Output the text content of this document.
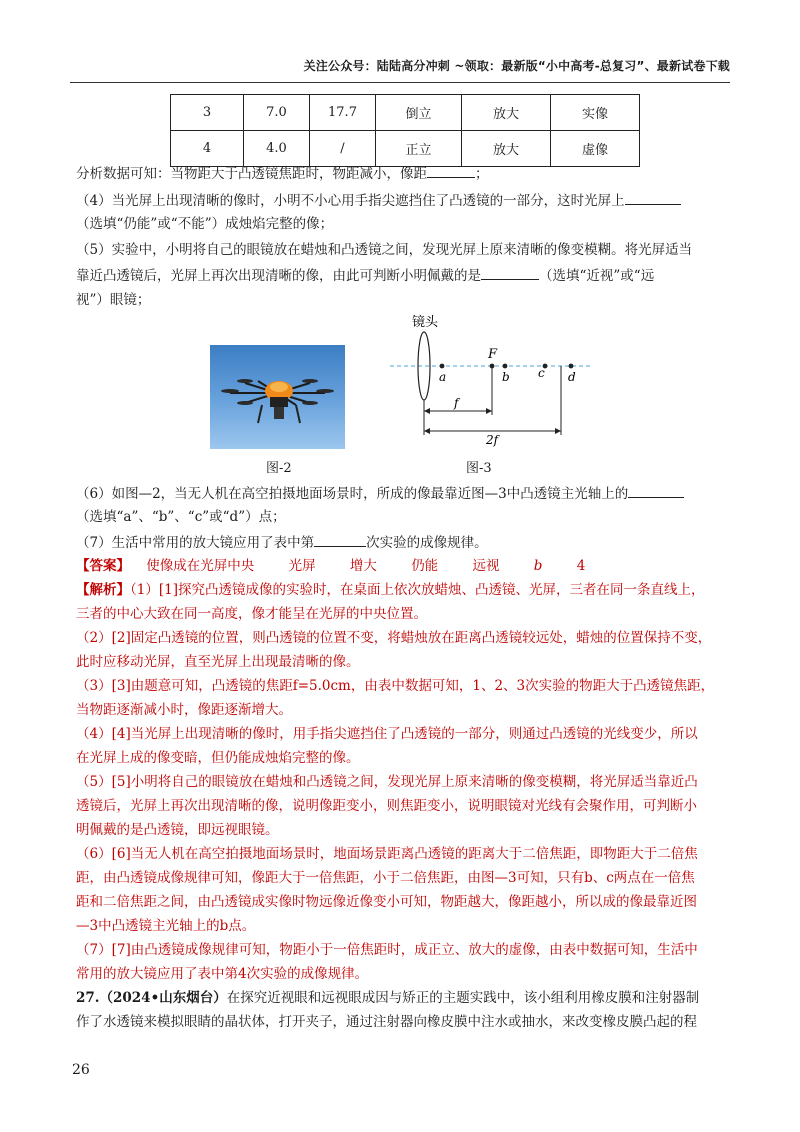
关注公众号：陆陆高分冲刺 ~领取：最新版“小中高考-总复习”、最新试卷下载
3	7.0	17.7	倒立	放大	实像
4	4.0	/	正立	放大	虚像
分析数据可知：当物距大于凸透镜焦距时，物距减小，像距	；
（4）当光屏上出现清晰的像时，小明不小心用手指尖遮挡住了凸透镜的一部分，这时光屏上
（选填“仍能”或“不能”）成烛焰完整的像；
（5）实验中，小明将自己的眼镜放在蜡烛和凸透镜之间，发现光屏上原来清晰的像变模糊。将光屏适当
靠近凸透镜后，光屏上再次出现清晰的像，由此可判断小明佩戴的是	（选填“近视”或“远
视”）眼镜；
图-2
镜头
F
a	b c d
f
2f
图-3
（6）如图—2，当无人机在高空拍摄地面场景时，所成的像最靠近图—3中凸透镜主光轴上的
（选填“a”、“b”、“c”或“d”）点；
（7）生活中常用的放大镜应用了表中第	次实验的成像规律。
【答案】 使像成在光屏中央	光屏	增大	仍能	远视	b	4
【解析】（1）[1]探究凸透镜成像的实验时，在桌面上依次放蜡烛、凸透镜、光屏，三者在同一条直线上，
三者的中心大致在同一高度，像才能呈在光屏的中央位置。
（2）[2]固定凸透镜的位置，则凸透镜的位置不变，将蜡烛放在距离凸透镜较远处，蜡烛的位置保持不变，
此时应移动光屏，直至光屏上出现最清晰的像。
（3）[3]由题意可知，凸透镜的焦距f=5.0cm，由表中数据可知，1、2、3次实验的物距大于凸透镜焦距，
当物距逐渐减小时，像距逐渐增大。
（4）[4]当光屏上出现清晰的像时，用手指尖遮挡住了凸透镜的一部分，则通过凸透镜的光线变少，所以
在光屏上成的像变暗，但仍能成烛焰完整的像。
（5）[5]小明将自己的眼镜放在蜡烛和凸透镜之间，发现光屏上原来清晰的像变模糊，将光屏适当靠近凸
透镜后，光屏上再次出现清晰的像，说明像距变小，则焦距变小，说明眼镜对光线有会聚作用，可判断小
明佩戴的是凸透镜，即远视眼镜。
（6）[6]当无人机在高空拍摄地面场景时，地面场景距离凸透镜的距离大于二倍焦距，即物距大于二倍焦
距，由凸透镜成像规律可知，像距大于一倍焦距，小于二倍焦距，由图—3可知，只有b、c两点在一倍焦
距和二倍焦距之间，由凸透镜成实像时物远像近像变小可知，物距越大，像距越小，所以成的像最靠近图
—3中凸透镜主光轴上的b点。
（7）[7]由凸透镜成像规律可知，物距小于一倍焦距时，成正立、放大的虚像，由表中数据可知，生活中
常用的放大镜应用了表中第4次实验的成像规律。
27.（2024•山东烟台）在探究近视眼和远视眼成因与矫正的主题实践中，该小组利用橡皮膜和注射器制
作了水透镜来模拟眼睛的晶状体，打开夹子，通过注射器向橡皮膜中注水或抽水，来改变橡皮膜凸起的程
26
